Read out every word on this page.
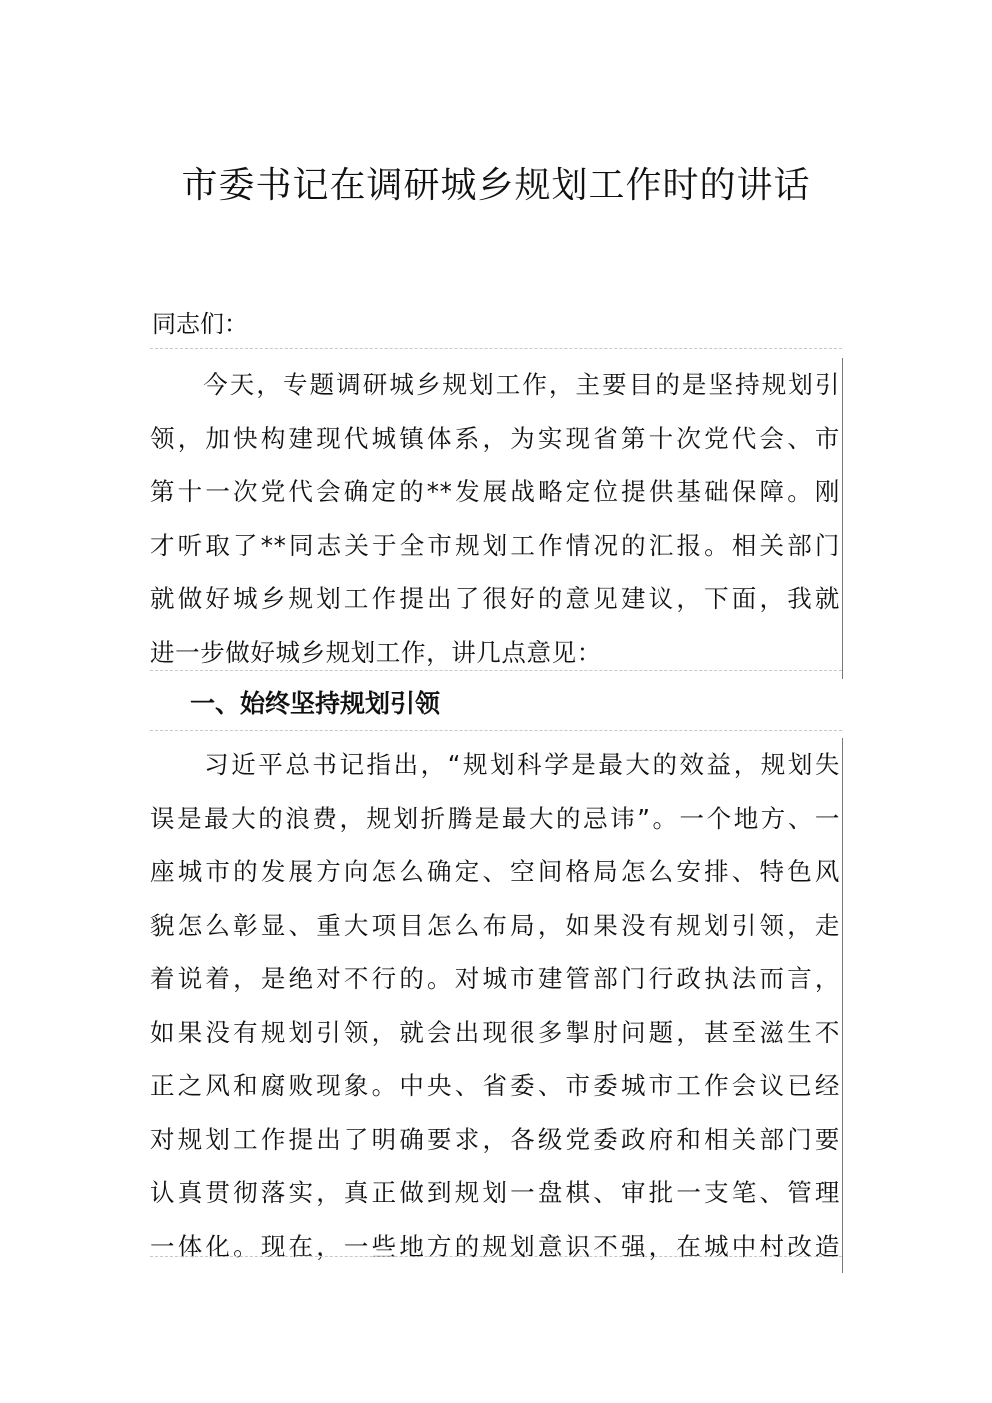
市委书记在调研城乡规划工作时的讲话
同志们：
　　今天，专题调研城乡规划工作，主要目的是坚持规划引
领，加快构建现代城镇体系，为实现省第十次党代会、市
第十一次党代会确定的**发展战略定位提供基础保障。刚
才听取了**同志关于全市规划工作情况的汇报。相关部门
就做好城乡规划工作提出了很好的意见建议，下面，我就
进一步做好城乡规划工作，讲几点意见：
一、始终坚持规划引领
　　习近平总书记指出，“规划科学是最大的效益，规划失
误是最大的浪费，规划折腾是最大的忌讳”。一个地方、一
座城市的发展方向怎么确定、空间格局怎么安排、特色风
貌怎么彰显、重大项目怎么布局，如果没有规划引领，走
着说着，是绝对不行的。对城市建管部门行政执法而言，
如果没有规划引领，就会出现很多掣肘问题，甚至滋生不
正之风和腐败现象。中央、省委、市委城市工作会议已经
对规划工作提出了明确要求，各级党委政府和相关部门要
认真贯彻落实，真正做到规划一盘棋、审批一支笔、管理
一体化。现在，一些地方的规划意识不强，在城中村改造
